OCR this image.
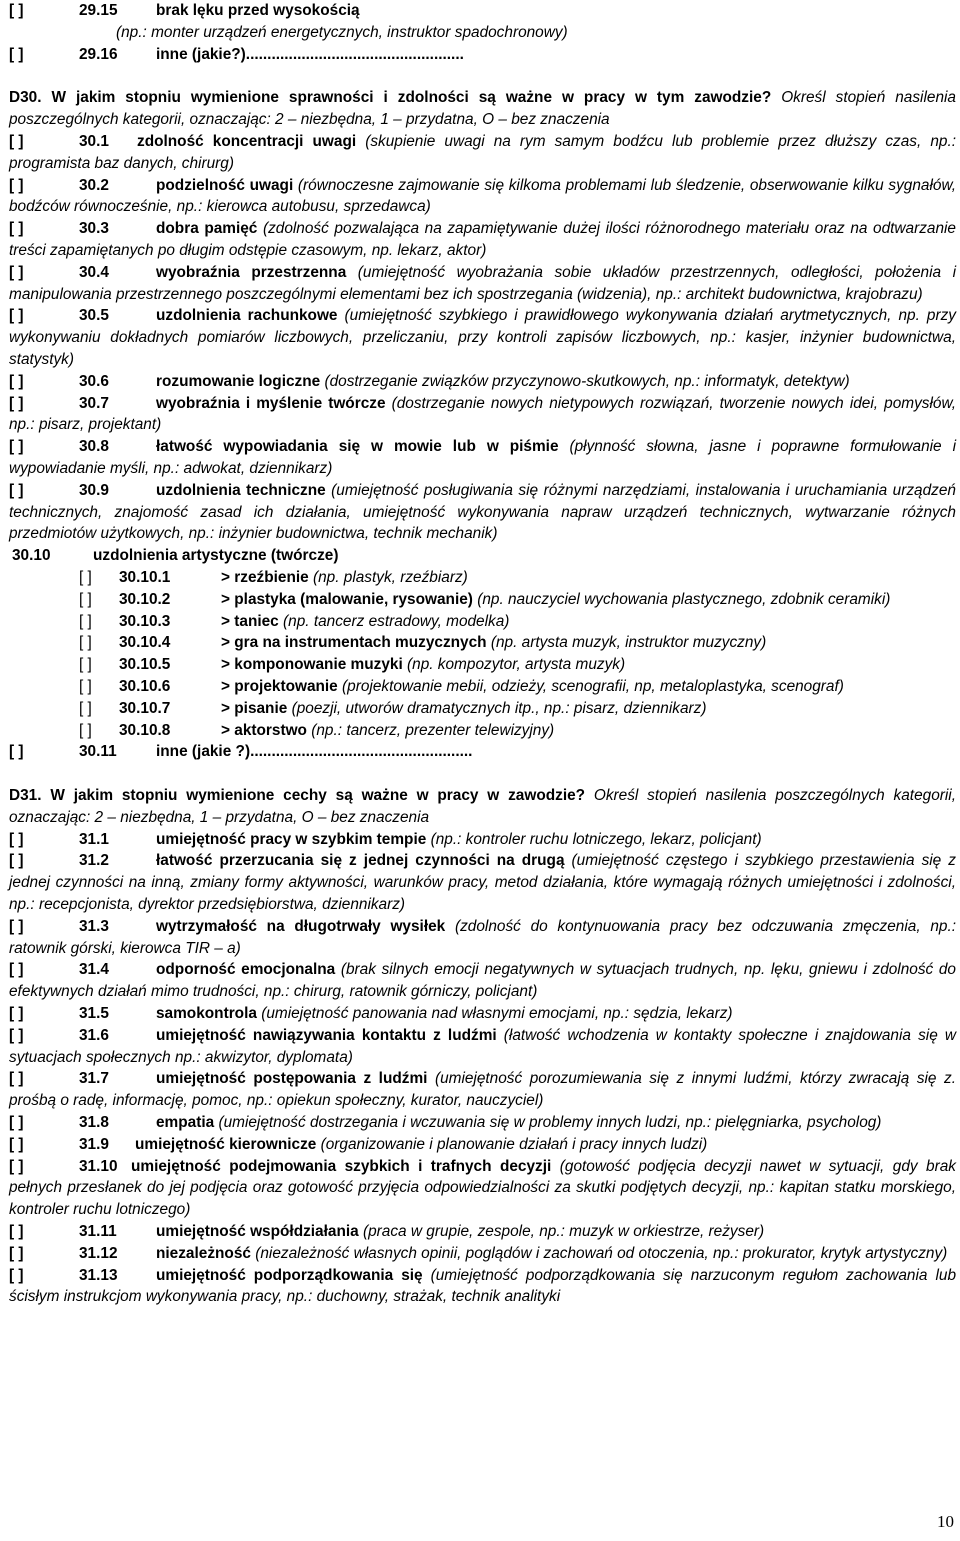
[ ]	29.15 brak lęku przed wysokością

(np.: monter urządzeń energetycznych, instruktor spadochronowy)

[ ]	29.16 inne (jakie?)...................................................

D30. W jakim stopniu wymienione sprawności i zdolności są ważne w pracy w tym zawodzie? Określ stopień nasilenia poszczególnych kategorii, oznaczając: 2 – niezbędna, 1 – przydatna, O – bez znaczenia

[ ]	30.1 zdolność koncentracji uwagi (skupienie uwagi na rym samym bodźcu lub problemie przez dłuższy czas, np.: programista baz danych, chirurg)

[ ]	30.2	podzielność uwagi (równoczesne zajmowanie się kilkoma problemami lub śledzenie, obserwowanie kilku sygnałów, bodźców równocześnie, np.: kierowca autobusu, sprzedawca)

[ ]	30.3	dobra pamięć (zdolność pozwalająca na zapamiętywanie dużej ilości różnorodnego materiału oraz na odtwarzanie treści zapamiętanych po długim odstępie czasowym, np. lekarz, aktor)

[ ]	30.4	wyobraźnia przestrzenna (umiejętność wyobrażania sobie układów przestrzennych, odległości, położenia i manipulowania przestrzennego poszczególnymi elementami bez ich spostrzegania (widzenia), np.: architekt budownictwa, krajobrazu)

[ ]	30.5	uzdolnienia rachunkowe (umiejętność szybkiego i prawidłowego wykonywania działań arytmetycznych, np. przy wykonywaniu dokładnych pomiarów liczbowych, przeliczaniu, przy kontroli zapisów liczbowych, np.: kasjer, inżynier budownictwa, statystyk)

[ ]	30.6	rozumowanie logiczne (dostrzeganie związków przyczynowo-skutkowych, np.: informatyk, detektyw)

[ ]	30.7	wyobraźnia i myślenie twórcze (dostrzeganie nowych nietypowych rozwiązań, tworzenie nowych idei, pomysłów, np.: pisarz, projektant)

[ ]	30.8	łatwość wypowiadania się w mowie lub w piśmie (płynność słowna, jasne i poprawne formułowanie i wypowiadanie myśli, np.: adwokat, dziennikarz)

[ ]	30.9	uzdolnienia techniczne (umiejętność posługiwania się różnymi narzędziami, instalowania i uruchamiania urządzeń technicznych, znajomość zasad ich działania, umiejętność wykonywania napraw urządzeń technicznych, wytwarzanie różnych przedmiotów użytkowych, np.: inżynier budownictwa, technik mechanik)

30.10	uzdolnienia artystyczne (twórcze)

[ ] 30.10.1	> rzeźbienie (np. plastyk, rzeźbiarz)

[ ] 30.10.2	> plastyka (malowanie, rysowanie) (np. nauczyciel wychowania plastycznego, zdobnik ceramiki)

[ ] 30.10.3	> taniec (np. tancerz estradowy, modelka)

[ ] 30.10.4	> gra na instrumentach muzycznych (np. artysta muzyk, instruktor muzyczny)

[ ] 30.10.5	> komponowanie muzyki (np. kompozytor, artysta muzyk)

[ ] 30.10.6	> projektowanie (projektowanie mebii, odzieży, scenografii, np, metaloplastyka, scenograf)

[ ] 30.10.7	> pisanie (poezji, utworów dramatycznych itp., np.: pisarz, dziennikarz)

[ ] 30.10.8	> aktorstwo (np.: tancerz, prezenter telewizyjny)

[ ]	30.11	inne (jakie ?)....................................................

D31. W jakim stopniu wymienione cechy są ważne w pracy w zawodzie? Określ stopień nasilenia poszczególnych kategorii, oznaczając: 2 – niezbędna, 1 – przydatna, O – bez znaczenia

[ ]	31.1	umiejętność pracy w szybkim tempie (np.: kontroler ruchu lotniczego, lekarz, policjant)

[ ]	31.2	łatwość przerzucania się z jednej czynności na drugą (umiejętność częstego i szybkiego przestawienia się z jednej czynności na inną, zmiany formy aktywności, warunków pracy, metod działania, które wymagają różnych umiejętności i zdolności, np.: recepcjonista, dyrektor przedsiębiorstwa, dziennikarz)

[ ]	31.3	wytrzymałość na długotrwały wysiłek (zdolność do kontynuowania pracy bez odczuwania zmęczenia, np.: ratownik górski, kierowca TIR – a)

[ ]	31.4	odporność emocjonalna (brak silnych emocji negatywnych w sytuacjach trudnych, np. lęku, gniewu i zdolność do efektywnych działań mimo trudności, np.: chirurg, ratownik górniczy, policjant)

[ ]	31.5	samokontrola (umiejętność panowania nad własnymi emocjami, np.: sędzia, lekarz)

[ ]	31.6	umiejętność nawiązywania kontaktu z ludźmi (łatwość wchodzenia w kontakty społeczne i znajdowania się w sytuacjach społecznych np.: akwizytor, dyplomata)

[ ]	31.7	umiejętność postępowania z ludźmi (umiejętność porozumiewania się z innymi ludźmi, którzy zwracają się z. prośbą o radę, informację, pomoc, np.: opiekun społeczny, kurator, nauczyciel)

[ ]	31.8	empatia (umiejętność dostrzegania i wczuwania się w problemy innych ludzi, np.: pielęgniarka, psycholog)

[ ]	31.9 umiejętność kierownicze (organizowanie i planowanie działań i pracy innych ludzi)

[ ]	31.10 umiejętność podejmowania szybkich i trafnych decyzji (gotowość podjęcia decyzji nawet w sytuacji, gdy brak pełnych przesłanek do jej podjęcia oraz gotowość przyjęcia odpowiedzialności za skutki podjętych decyzji, np.: kapitan statku morskiego, kontroler ruchu lotniczego)

[ ]	31.11	umiejętność współdziałania (praca w grupie, zespole, np.: muzyk w orkiestrze, reżyser)

[ ]	31.12 niezależność (niezależność własnych opinii, poglądów i zachowań od otoczenia, np.: prokurator, krytyk artystyczny)

[ ]	31.13 umiejętność podporządkowania się (umiejętność podporządkowania się narzuconym regułom zachowania lub ścisłym instrukcjom wykonywania pracy, np.: duchowny, strażak, technik analityki

10
